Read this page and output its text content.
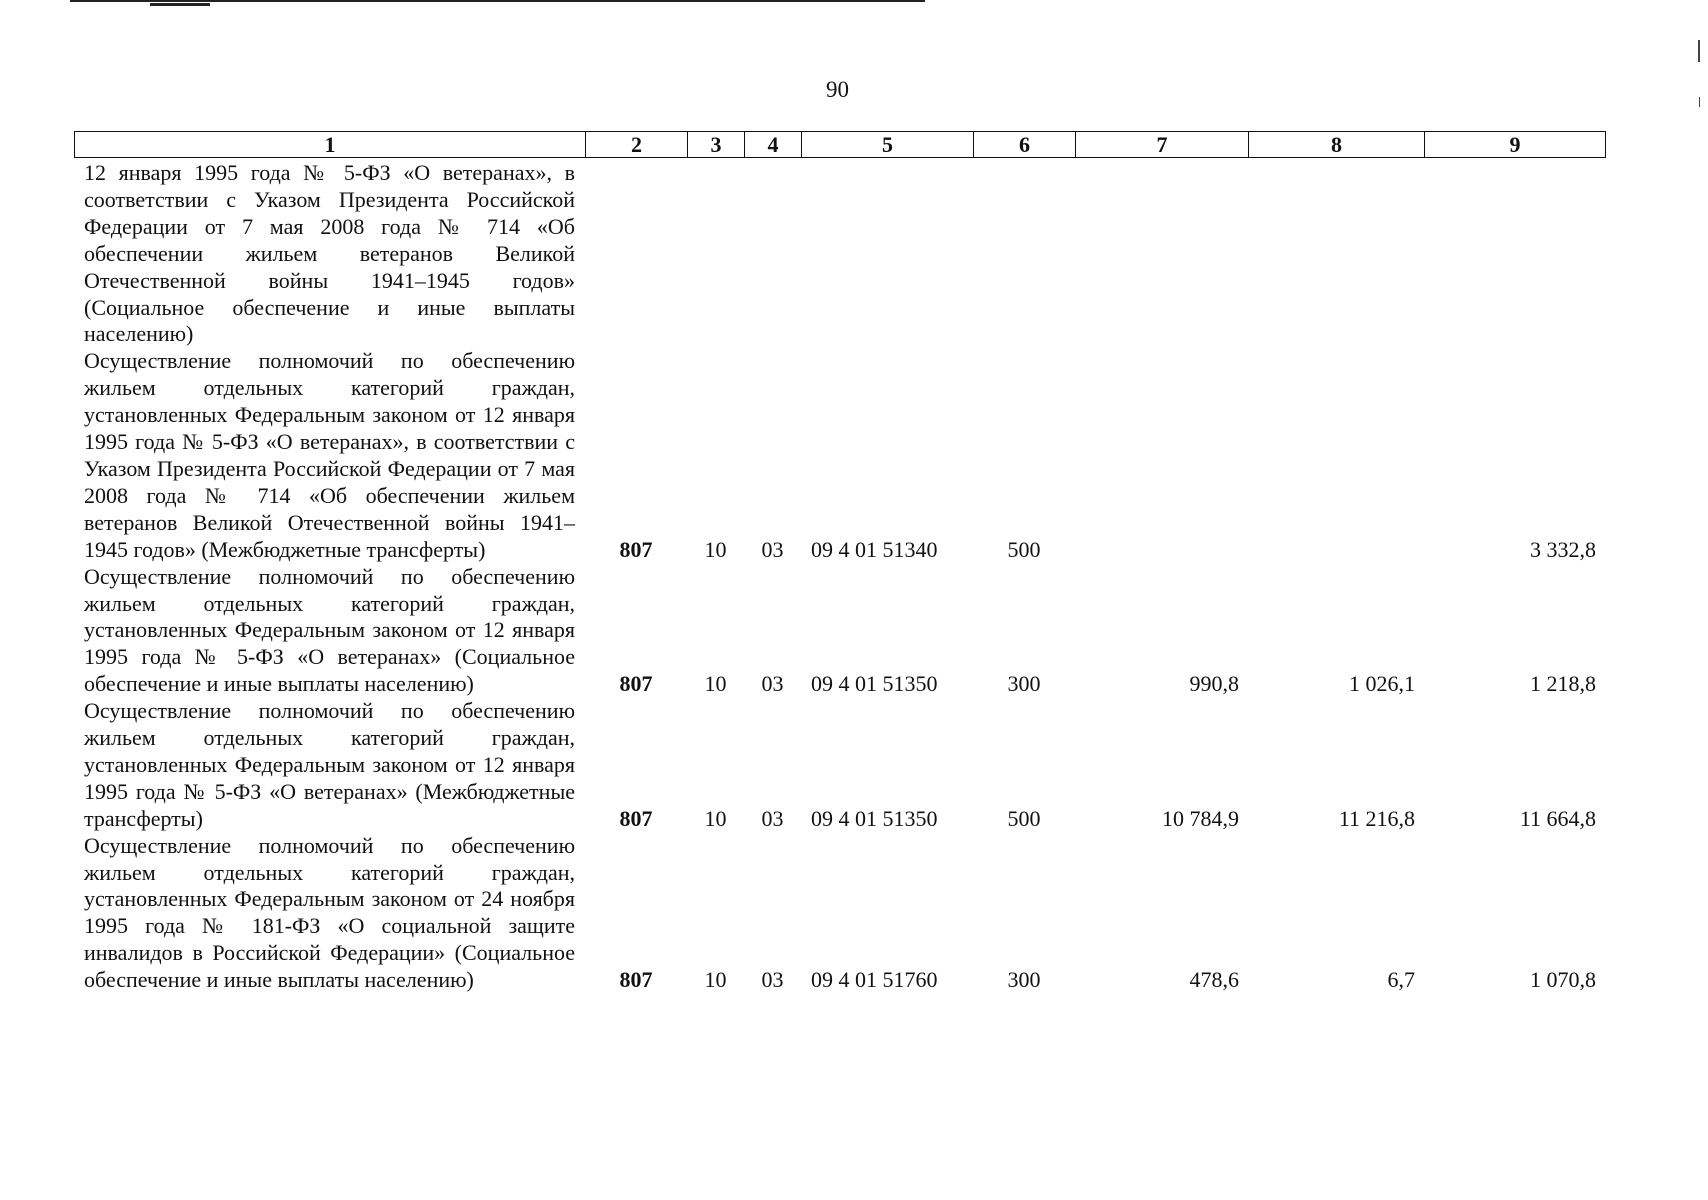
90
1	2	3	4	5	6	7	8	9
12 января 1995 года № 5-ФЗ «О ветеранах», в соответствии с Указом Президента Российской Федерации от 7 мая 2008 года № 714 «Об обеспечении жильем ветеранов Великой Отечественной войны 1941–1945 годов» (Социальное обеспечение и иные выплаты населению)								
Осуществление полномочий по обеспечению жильем отдельных категорий граждан, установленных Федеральным законом от 12 января 1995 года № 5-ФЗ «О ветеранах», в соответствии с Указом Президента Российской Федерации от 7 мая 2008 года № 714 «Об обеспечении жильем ветеранов Великой Отечественной войны 1941–1945 годов» (Межбюджетные трансферты)	807	10	03	09 4 01 51340	500			3 332,8
Осуществление полномочий по обеспечению жильем отдельных категорий граждан, установленных Федеральным законом от 12 января 1995 года № 5-ФЗ «О ветеранах» (Социальное обеспечение и иные выплаты населению)	807	10	03	09 4 01 51350	300	990,8	1 026,1	1 218,8
Осуществление полномочий по обеспечению жильем отдельных категорий граждан, установленных Федеральным законом от 12 января 1995 года № 5-ФЗ «О ветеранах» (Межбюджетные трансферты)	807	10	03	09 4 01 51350	500	10 784,9	11 216,8	11 664,8
Осуществление полномочий по обеспечению жильем отдельных категорий граждан, установленных Федеральным законом от 24 ноября 1995 года № 181-ФЗ «О социальной защите инвалидов в Российской Федерации» (Социальное обеспечение и иные выплаты населению)	807	10	03	09 4 01 51760	300	478,6	6,7	1 070,8
